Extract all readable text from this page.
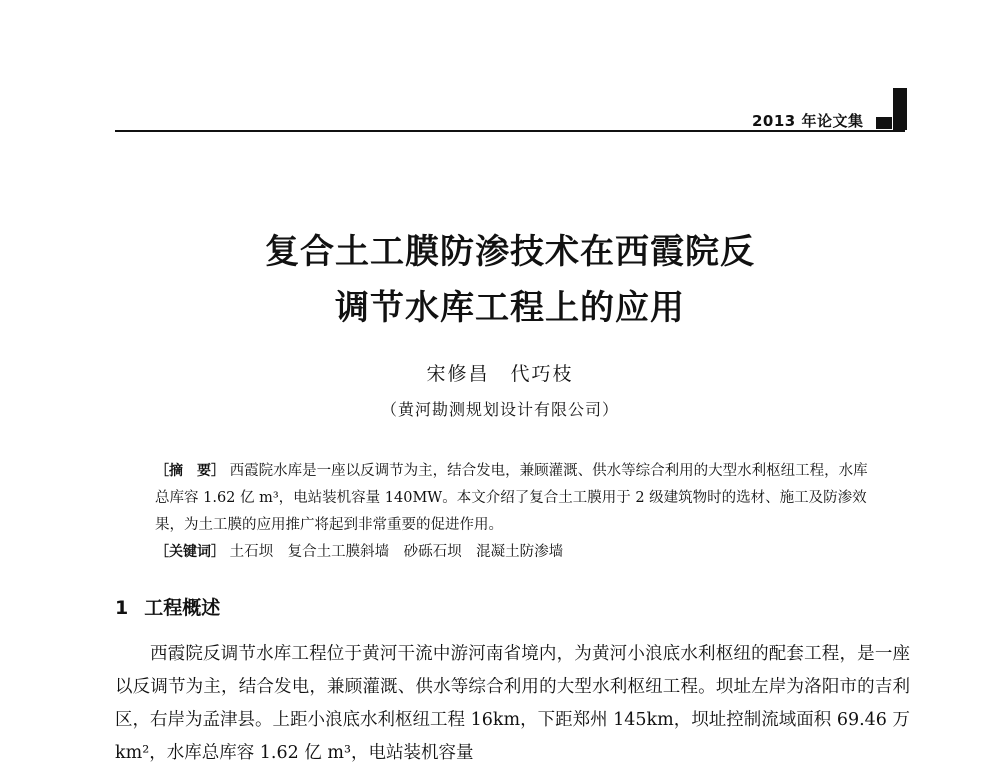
2013 年论文集
复合土工膜防渗技术在西霞院反
调节水库工程上的应用
宋修昌　代巧枝
（黄河勘测规划设计有限公司）

［摘　要］ 西霞院水库是一座以反调节为主，结合发电，兼顾灌溉、供水等综合利用的大型水利枢纽工程，水库总库容 1.62 亿 m³，电站装机容量 140MW。本文介绍了复合土工膜用于 2 级建筑物时的选材、施工及防渗效果，为土工膜的应用推广将起到非常重要的促进作用。

［关键词］ 土石坝　复合土工膜斜墙　砂砾石坝　混凝土防渗墙

1 工程概述

西霞院反调节水库工程位于黄河干流中游河南省境内，为黄河小浪底水利枢纽的配套工程，是一座以反调节为主，结合发电，兼顾灌溉、供水等综合利用的大型水利枢纽工程。坝址左岸为洛阳市的吉利区，右岸为孟津县。上距小浪底水利枢纽工程 16km，下距郑州 145km，坝址控制流域面积 69.46 万 km²，水库总库容 1.62 亿 m³，电站装机容量
